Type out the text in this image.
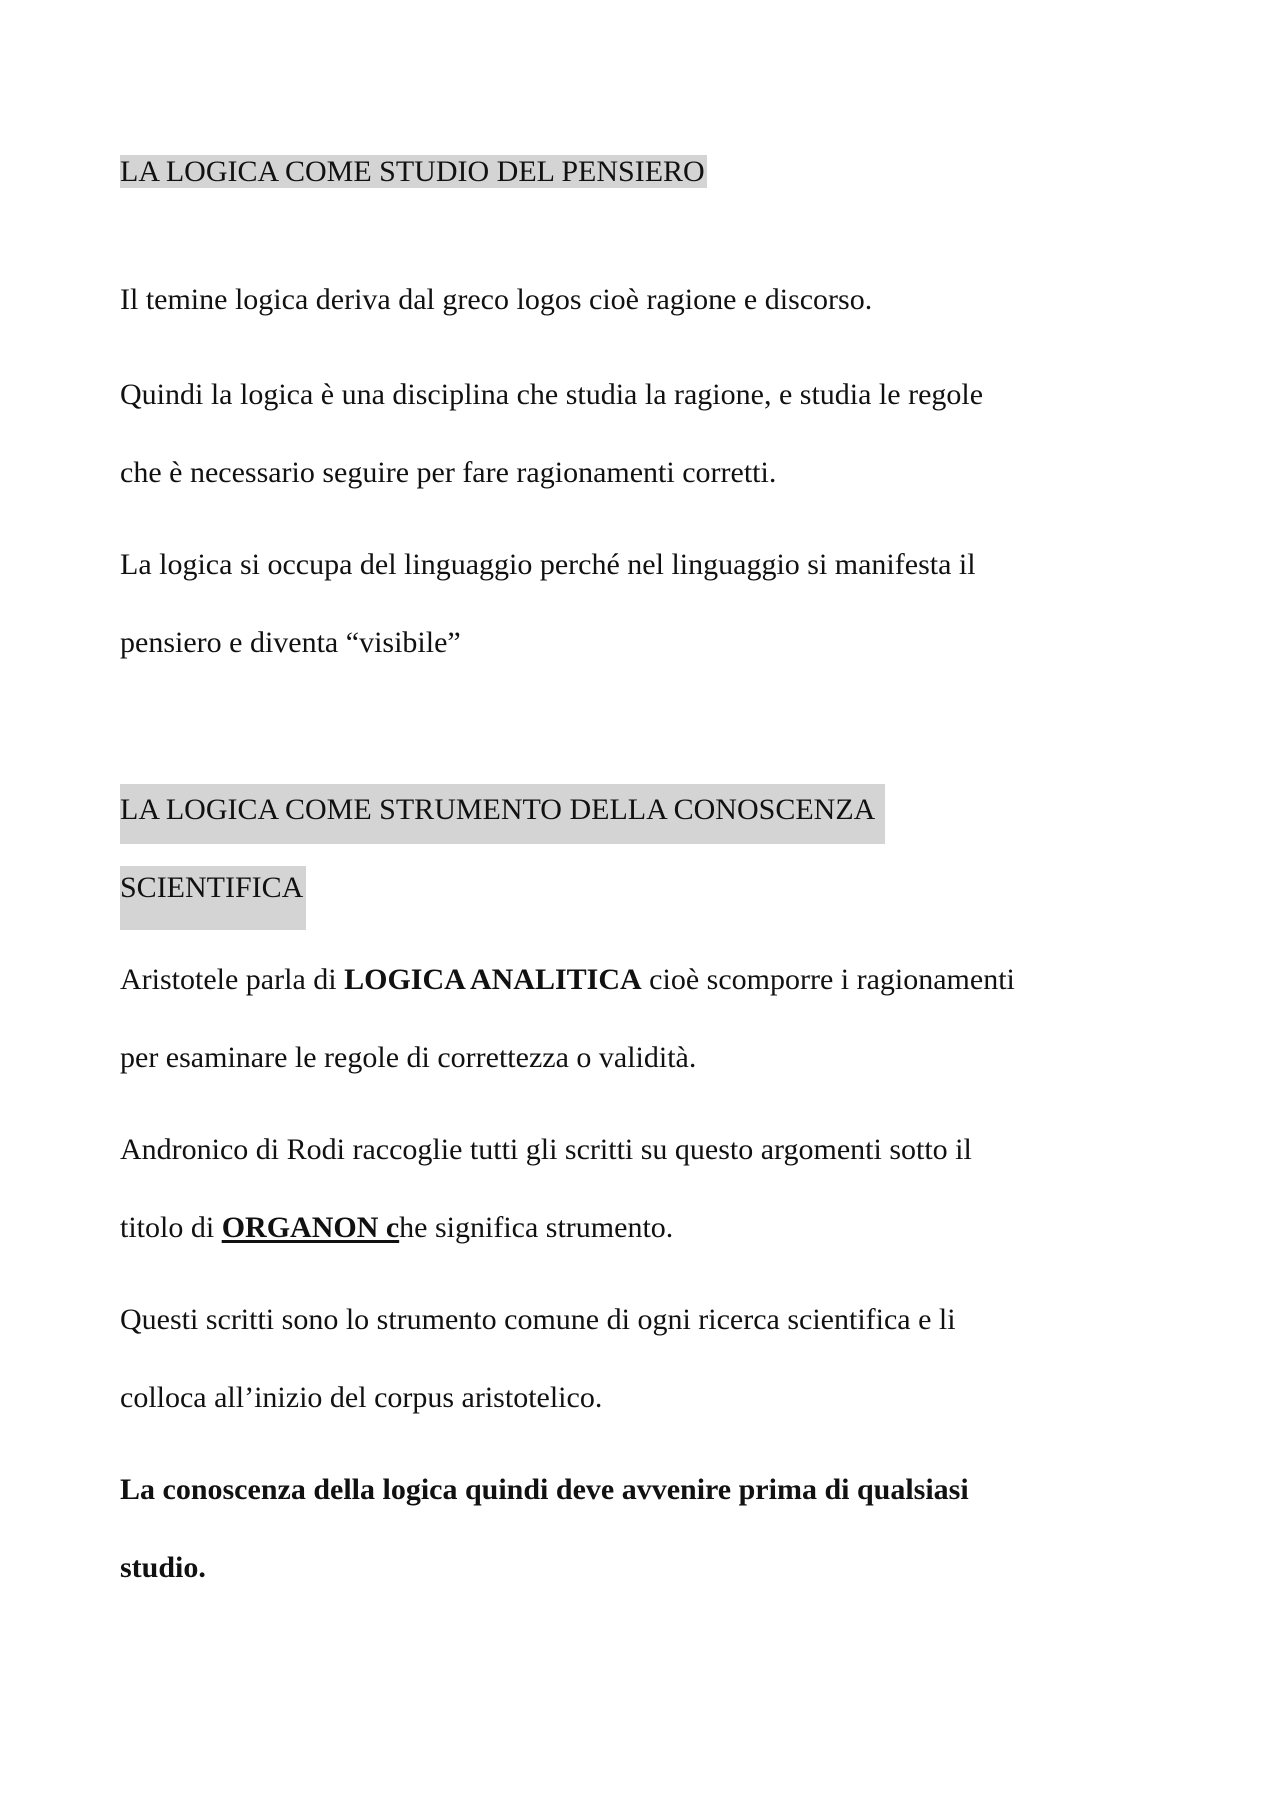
LA LOGICA COME STUDIO DEL PENSIERO
Il temine logica deriva dal greco logos cioè ragione e discorso.
Quindi la logica è una disciplina che studia la ragione, e studia le regole
che è necessario seguire per fare ragionamenti corretti.
La logica si occupa del linguaggio perché nel linguaggio si manifesta il
pensiero e diventa “visibile”
LA LOGICA COME STRUMENTO DELLA CONOSCENZA
SCIENTIFICA
Aristotele parla di LOGICA ANALITICA cioè scomporre i ragionamenti
per esaminare le regole di correttezza o validità.
Andronico di Rodi raccoglie tutti gli scritti su questo argomenti sotto il
titolo di ORGANON che significa strumento.
Questi scritti sono lo strumento comune di ogni ricerca scientifica e li
colloca all’inizio del corpus aristotelico.
La conoscenza della logica quindi deve avvenire prima di qualsiasi
studio.
